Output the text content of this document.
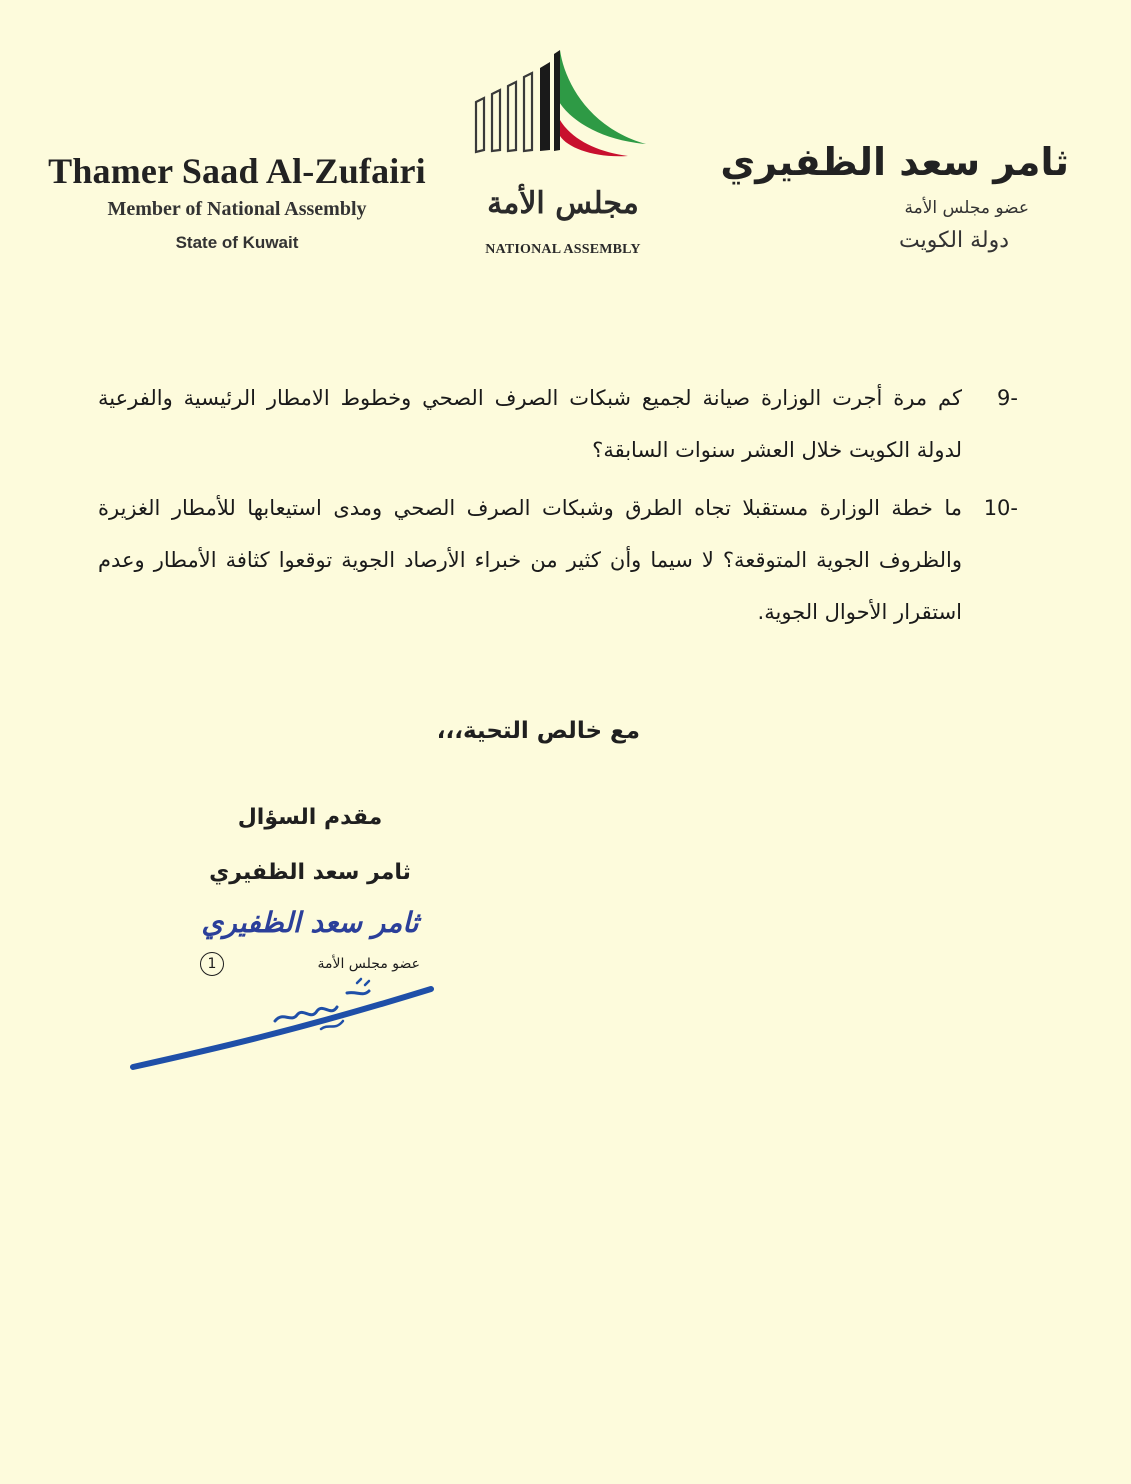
Thamer Saad Al-Zufairi
Member of National Assembly
State of Kuwait
مجلس الأمة
NATIONAL ASSEMBLY
ثامر سعد الظفيري
عضو مجلس الأمة
دولة الكويت
9-
كم مرة أجرت الوزارة صيانة لجميع شبكات الصرف الصحي وخطوط الامطار الرئيسية والفرعية لدولة الكويت خلال العشر سنوات السابقة؟
10-
ما خطة الوزارة مستقبلا تجاه الطرق وشبكات الصرف الصحي ومدى استيعابها للأمطار الغزيرة والظروف الجوية المتوقعة؟ لا سيما وأن كثير من خبراء الأرصاد الجوية توقعوا كثافة الأمطار وعدم استقرار الأحوال الجوية.
مع خالص التحية،،،
مقدم السؤال
ثامر سعد الظفيري
ثامر سعد الظفيري
عضو مجلس الأمة
1
